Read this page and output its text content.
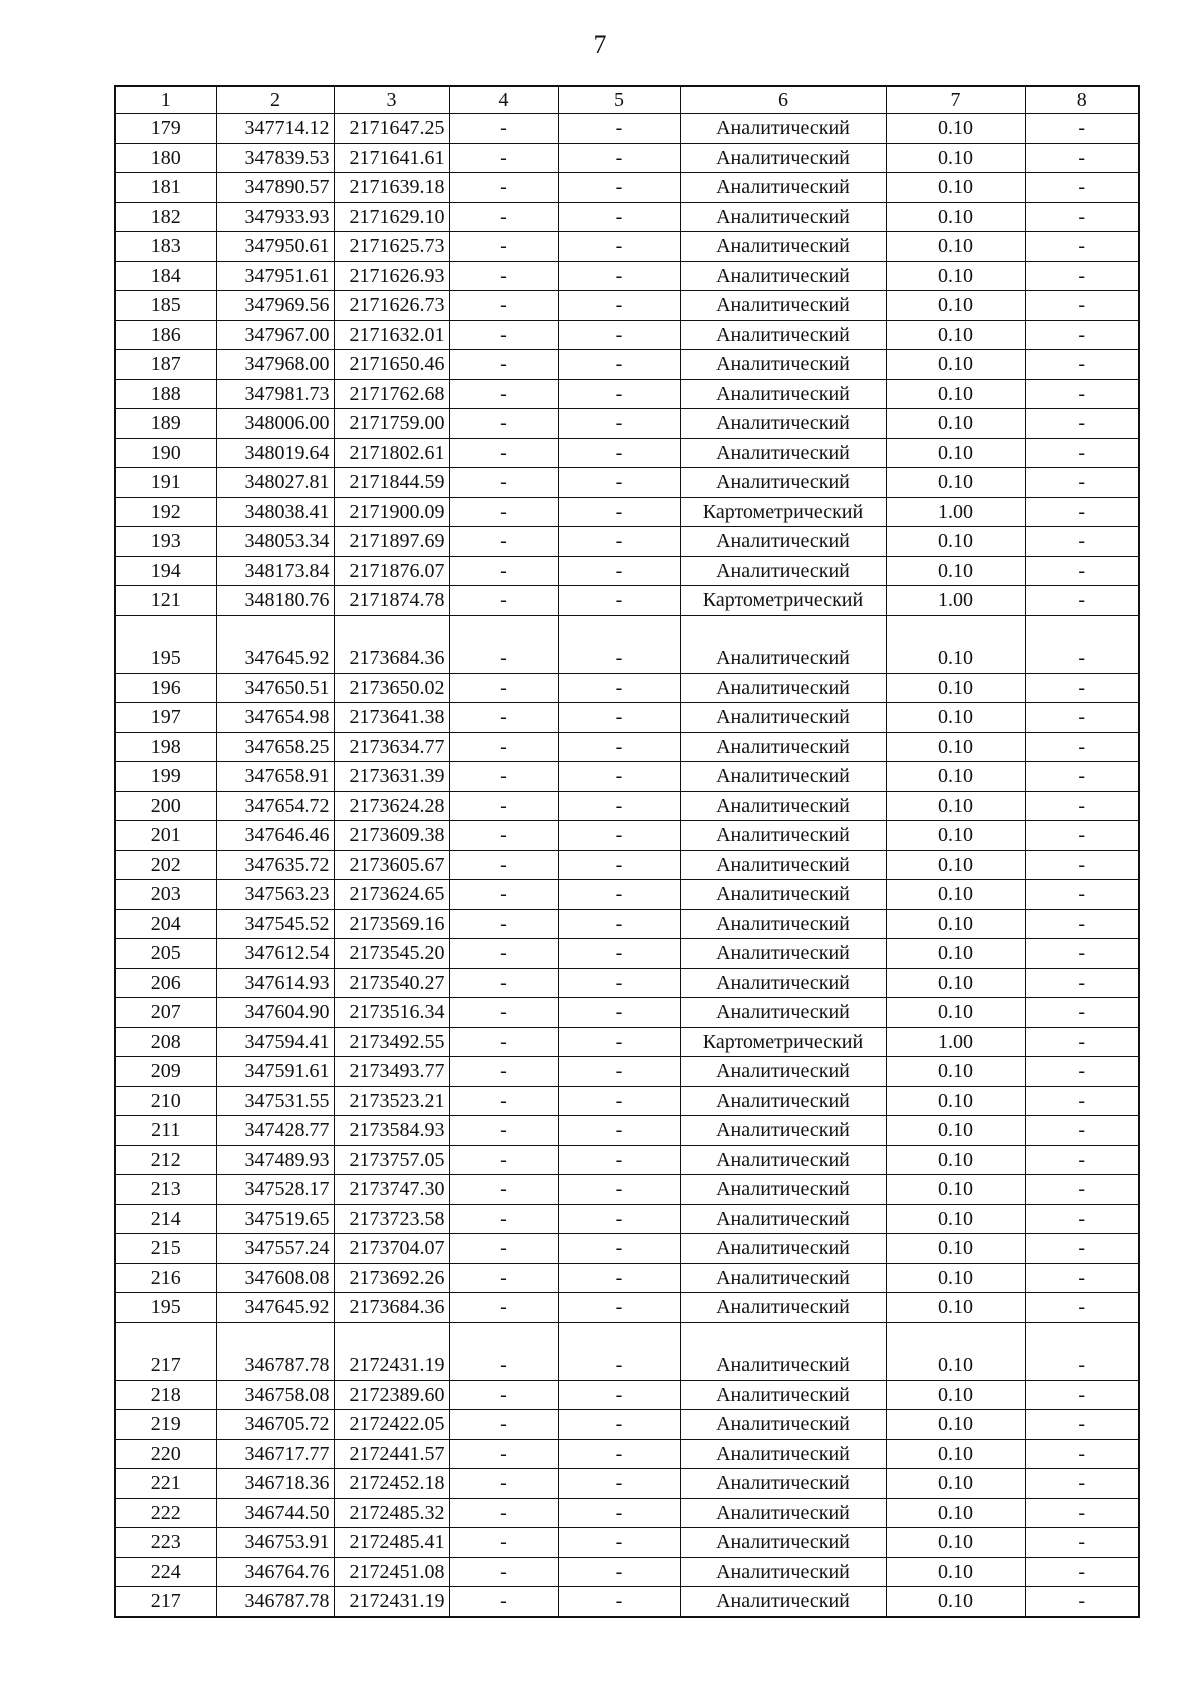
7
1	2	3	4	5	6	7	8
179	347714.12	2171647.25	-	-	Аналитический	0.10	-
180	347839.53	2171641.61	-	-	Аналитический	0.10	-
181	347890.57	2171639.18	-	-	Аналитический	0.10	-
182	347933.93	2171629.10	-	-	Аналитический	0.10	-
183	347950.61	2171625.73	-	-	Аналитический	0.10	-
184	347951.61	2171626.93	-	-	Аналитический	0.10	-
185	347969.56	2171626.73	-	-	Аналитический	0.10	-
186	347967.00	2171632.01	-	-	Аналитический	0.10	-
187	347968.00	2171650.46	-	-	Аналитический	0.10	-
188	347981.73	2171762.68	-	-	Аналитический	0.10	-
189	348006.00	2171759.00	-	-	Аналитический	0.10	-
190	348019.64	2171802.61	-	-	Аналитический	0.10	-
191	348027.81	2171844.59	-	-	Аналитический	0.10	-
192	348038.41	2171900.09	-	-	Картометрический	1.00	-
193	348053.34	2171897.69	-	-	Аналитический	0.10	-
194	348173.84	2171876.07	-	-	Аналитический	0.10	-
121	348180.76	2171874.78	-	-	Картометрический	1.00	-

195	347645.92	2173684.36	-	-	Аналитический	0.10	-
196	347650.51	2173650.02	-	-	Аналитический	0.10	-
197	347654.98	2173641.38	-	-	Аналитический	0.10	-
198	347658.25	2173634.77	-	-	Аналитический	0.10	-
199	347658.91	2173631.39	-	-	Аналитический	0.10	-
200	347654.72	2173624.28	-	-	Аналитический	0.10	-
201	347646.46	2173609.38	-	-	Аналитический	0.10	-
202	347635.72	2173605.67	-	-	Аналитический	0.10	-
203	347563.23	2173624.65	-	-	Аналитический	0.10	-
204	347545.52	2173569.16	-	-	Аналитический	0.10	-
205	347612.54	2173545.20	-	-	Аналитический	0.10	-
206	347614.93	2173540.27	-	-	Аналитический	0.10	-
207	347604.90	2173516.34	-	-	Аналитический	0.10	-
208	347594.41	2173492.55	-	-	Картометрический	1.00	-
209	347591.61	2173493.77	-	-	Аналитический	0.10	-
210	347531.55	2173523.21	-	-	Аналитический	0.10	-
211	347428.77	2173584.93	-	-	Аналитический	0.10	-
212	347489.93	2173757.05	-	-	Аналитический	0.10	-
213	347528.17	2173747.30	-	-	Аналитический	0.10	-
214	347519.65	2173723.58	-	-	Аналитический	0.10	-
215	347557.24	2173704.07	-	-	Аналитический	0.10	-
216	347608.08	2173692.26	-	-	Аналитический	0.10	-
195	347645.92	2173684.36	-	-	Аналитический	0.10	-

217	346787.78	2172431.19	-	-	Аналитический	0.10	-
218	346758.08	2172389.60	-	-	Аналитический	0.10	-
219	346705.72	2172422.05	-	-	Аналитический	0.10	-
220	346717.77	2172441.57	-	-	Аналитический	0.10	-
221	346718.36	2172452.18	-	-	Аналитический	0.10	-
222	346744.50	2172485.32	-	-	Аналитический	0.10	-
223	346753.91	2172485.41	-	-	Аналитический	0.10	-
224	346764.76	2172451.08	-	-	Аналитический	0.10	-
217	346787.78	2172431.19	-	-	Аналитический	0.10	-
